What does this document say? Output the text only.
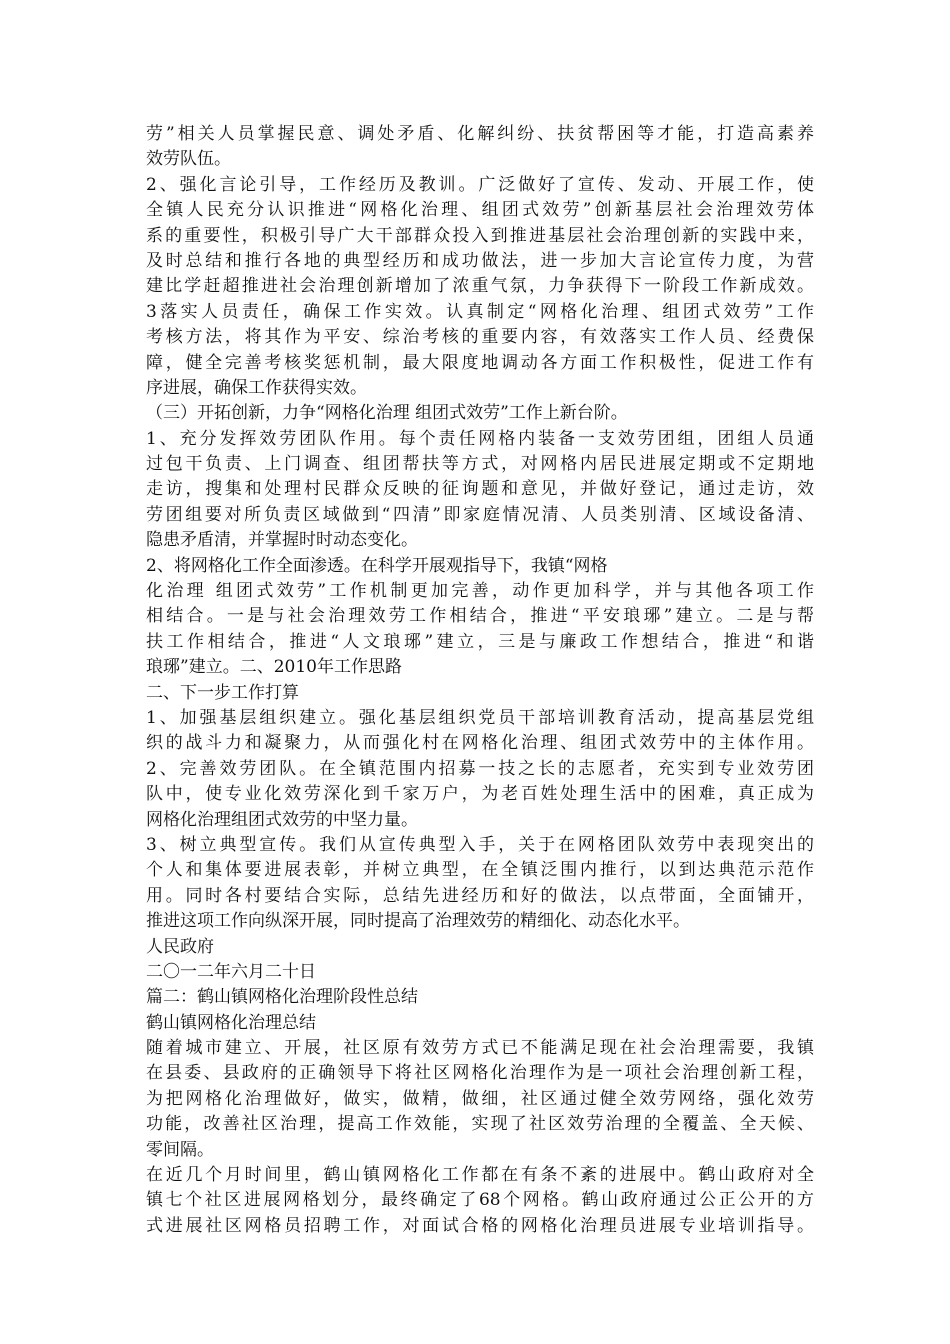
劳”相关人员掌握民意、调处矛盾、化解纠纷、扶贫帮困等才能，打造高素养
效劳队伍。
2、强化言论引导，工作经历及教训。广泛做好了宣传、发动、开展工作，使
全镇人民充分认识推进“网格化治理、组团式效劳”创新基层社会治理效劳体
系的重要性，积极引导广大干部群众投入到推进基层社会治理创新的实践中来，
及时总结和推行各地的典型经历和成功做法，进一步加大言论宣传力度，为营
建比学赶超推进社会治理创新增加了浓重气氛，力争获得下一阶段工作新成效。
3落实人员责任，确保工作实效。认真制定“网格化治理、组团式效劳”工作
考核方法，将其作为平安、综治考核的重要内容，有效落实工作人员、经费保
障，健全完善考核奖惩机制，最大限度地调动各方面工作积极性，促进工作有
序进展，确保工作获得实效。
（三）开拓创新，力争“网格化治理 组团式效劳”工作上新台阶。
1、充分发挥效劳团队作用。每个责任网格内装备一支效劳团组，团组人员通
过包干负责、上门调查、组团帮扶等方式，对网格内居民进展定期或不定期地
走访，搜集和处理村民群众反映的征询题和意见，并做好登记，通过走访，效
劳团组要对所负责区域做到“四清”即家庭情况清、人员类别清、区域设备清、
隐患矛盾清，并掌握时时动态变化。
2、将网格化工作全面渗透。在科学开展观指导下，我镇“网格
化治理 组团式效劳”工作机制更加完善，动作更加科学，并与其他各项工作
相结合。一是与社会治理效劳工作相结合，推进“平安琅琊”建立。二是与帮
扶工作相结合，推进“人文琅琊”建立，三是与廉政工作想结合，推进“和谐
琅琊”建立。二、2010年工作思路
二、下一步工作打算
1、加强基层组织建立。强化基层组织党员干部培训教育活动，提高基层党组
织的战斗力和凝聚力，从而强化村在网格化治理、组团式效劳中的主体作用。
2、完善效劳团队。在全镇范围内招募一技之长的志愿者，充实到专业效劳团
队中，使专业化效劳深化到千家万户，为老百姓处理生活中的困难，真正成为
网格化治理组团式效劳的中坚力量。
3、树立典型宣传。我们从宣传典型入手，关于在网格团队效劳中表现突出的
个人和集体要进展表彰，并树立典型，在全镇泛围内推行，以到达典范示范作
用。同时各村要结合实际，总结先进经历和好的做法，以点带面，全面铺开，
推进这项工作向纵深开展，同时提高了治理效劳的精细化、动态化水平。
人民政府
二〇一二年六月二十日
篇二：鹤山镇网格化治理阶段性总结
鹤山镇网格化治理总结
随着城市建立、开展，社区原有效劳方式已不能满足现在社会治理需要，我镇
在县委、县政府的正确领导下将社区网格化治理作为是一项社会治理创新工程，
为把网格化治理做好，做实，做精，做细，社区通过健全效劳网络，强化效劳
功能，改善社区治理，提高工作效能，实现了社区效劳治理的全覆盖、全天候、
零间隔。
在近几个月时间里，鹤山镇网格化工作都在有条不紊的进展中。鹤山政府对全
镇七个社区进展网格划分，最终确定了68个网格。鹤山政府通过公正公开的方
式进展社区网格员招聘工作，对面试合格的网格化治理员进展专业培训指导。
